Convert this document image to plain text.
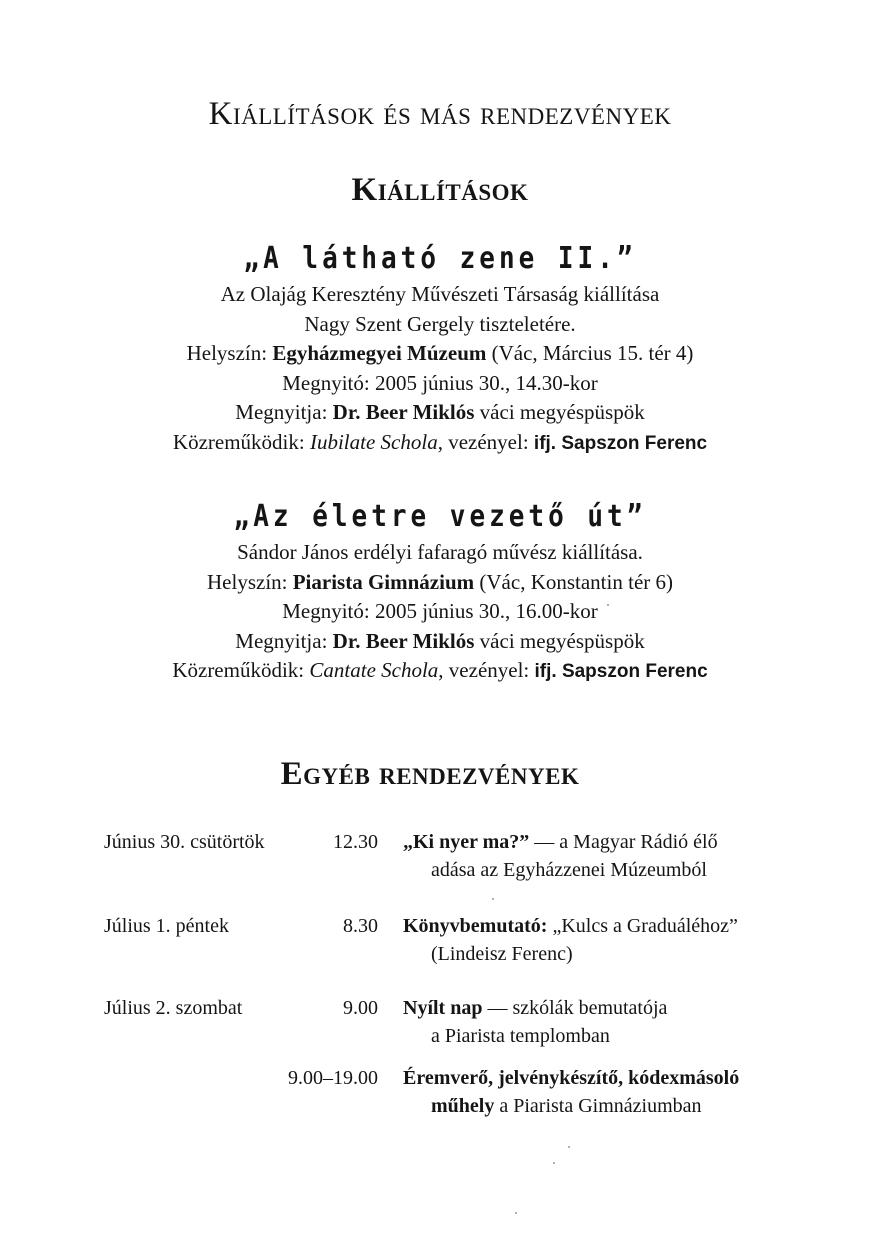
Kiállítások és más rendezvények
Kiállítások
„A látható zene II.”
Az Olajág Keresztény Művészeti Társaság kiállítása
Nagy Szent Gergely tiszteletére.
Helyszín: Egyházmegyei Múzeum (Vác, Március 15. tér 4)
Megnyitó: 2005 június 30., 14.30-kor
Megnyitja: Dr. Beer Miklós váci megyéspüspök
Közreműködik: Iubilate Schola, vezényel: ifj. Sapszon Ferenc
„Az életre vezető út”
Sándor János erdélyi fafaragó művész kiállítása.
Helyszín: Piarista Gimnázium (Vác, Konstantin tér 6)
Megnyitó: 2005 június 30., 16.00-kor
Megnyitja: Dr. Beer Miklós váci megyéspüspök
Közreműködik: Cantate Schola, vezényel: ifj. Sapszon Ferenc
Egyéb rendezvények
Június 30. csütörtök	12.30 „Ki nyer ma?” — a Magyar Rádió élő
adása az Egyházzenei Múzeumból
Július 1. péntek	8.30 Könyvbemutató: „Kulcs a Graduáléhoz”
(Lindeisz Ferenc)
Július 2. szombat	9.00 Nyílt nap — szkólák bemutatója
a Piarista templomban
9.00–19.00 Éremverő, jelvénykészítő, kódexmásoló
műhely a Piarista Gimnáziumban
